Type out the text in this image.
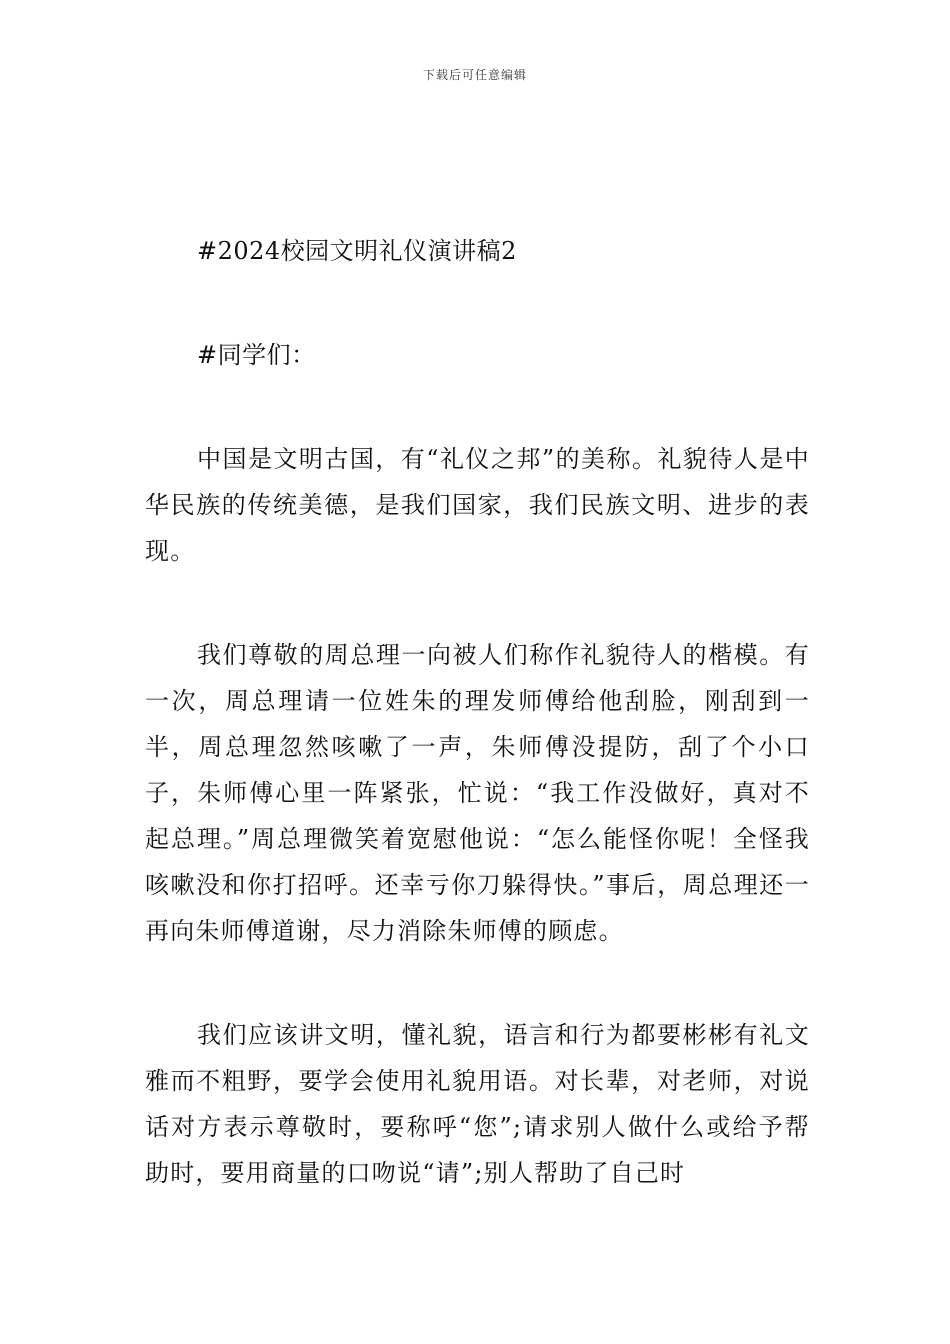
下载后可任意编辑

#2024校园文明礼仪演讲稿2

#同学们：

中国是文明古国，有“礼仪之邦”的美称。礼貌待人是中华民族的传统美德，是我们国家，我们民族文明、进步的表现。

我们尊敬的周总理一向被人们称作礼貌待人的楷模。有一次，周总理请一位姓朱的理发师傅给他刮脸，刚刮到一半，周总理忽然咳嗽了一声，朱师傅没提防，刮了个小口子，朱师傅心里一阵紧张，忙说：“我工作没做好，真对不起总理。”周总理微笑着宽慰他说：“怎么能怪你呢！全怪我咳嗽没和你打招呼。还幸亏你刀躲得快。”事后，周总理还一再向朱师傅道谢，尽力消除朱师傅的顾虑。

我们应该讲文明，懂礼貌，语言和行为都要彬彬有礼文雅而不粗野，要学会使用礼貌用语。对长辈，对老师，对说话对方表示尊敬时，要称呼“您”;请求别人做什么或给予帮助时，要用商量的口吻说“请”;别人帮助了自己时
